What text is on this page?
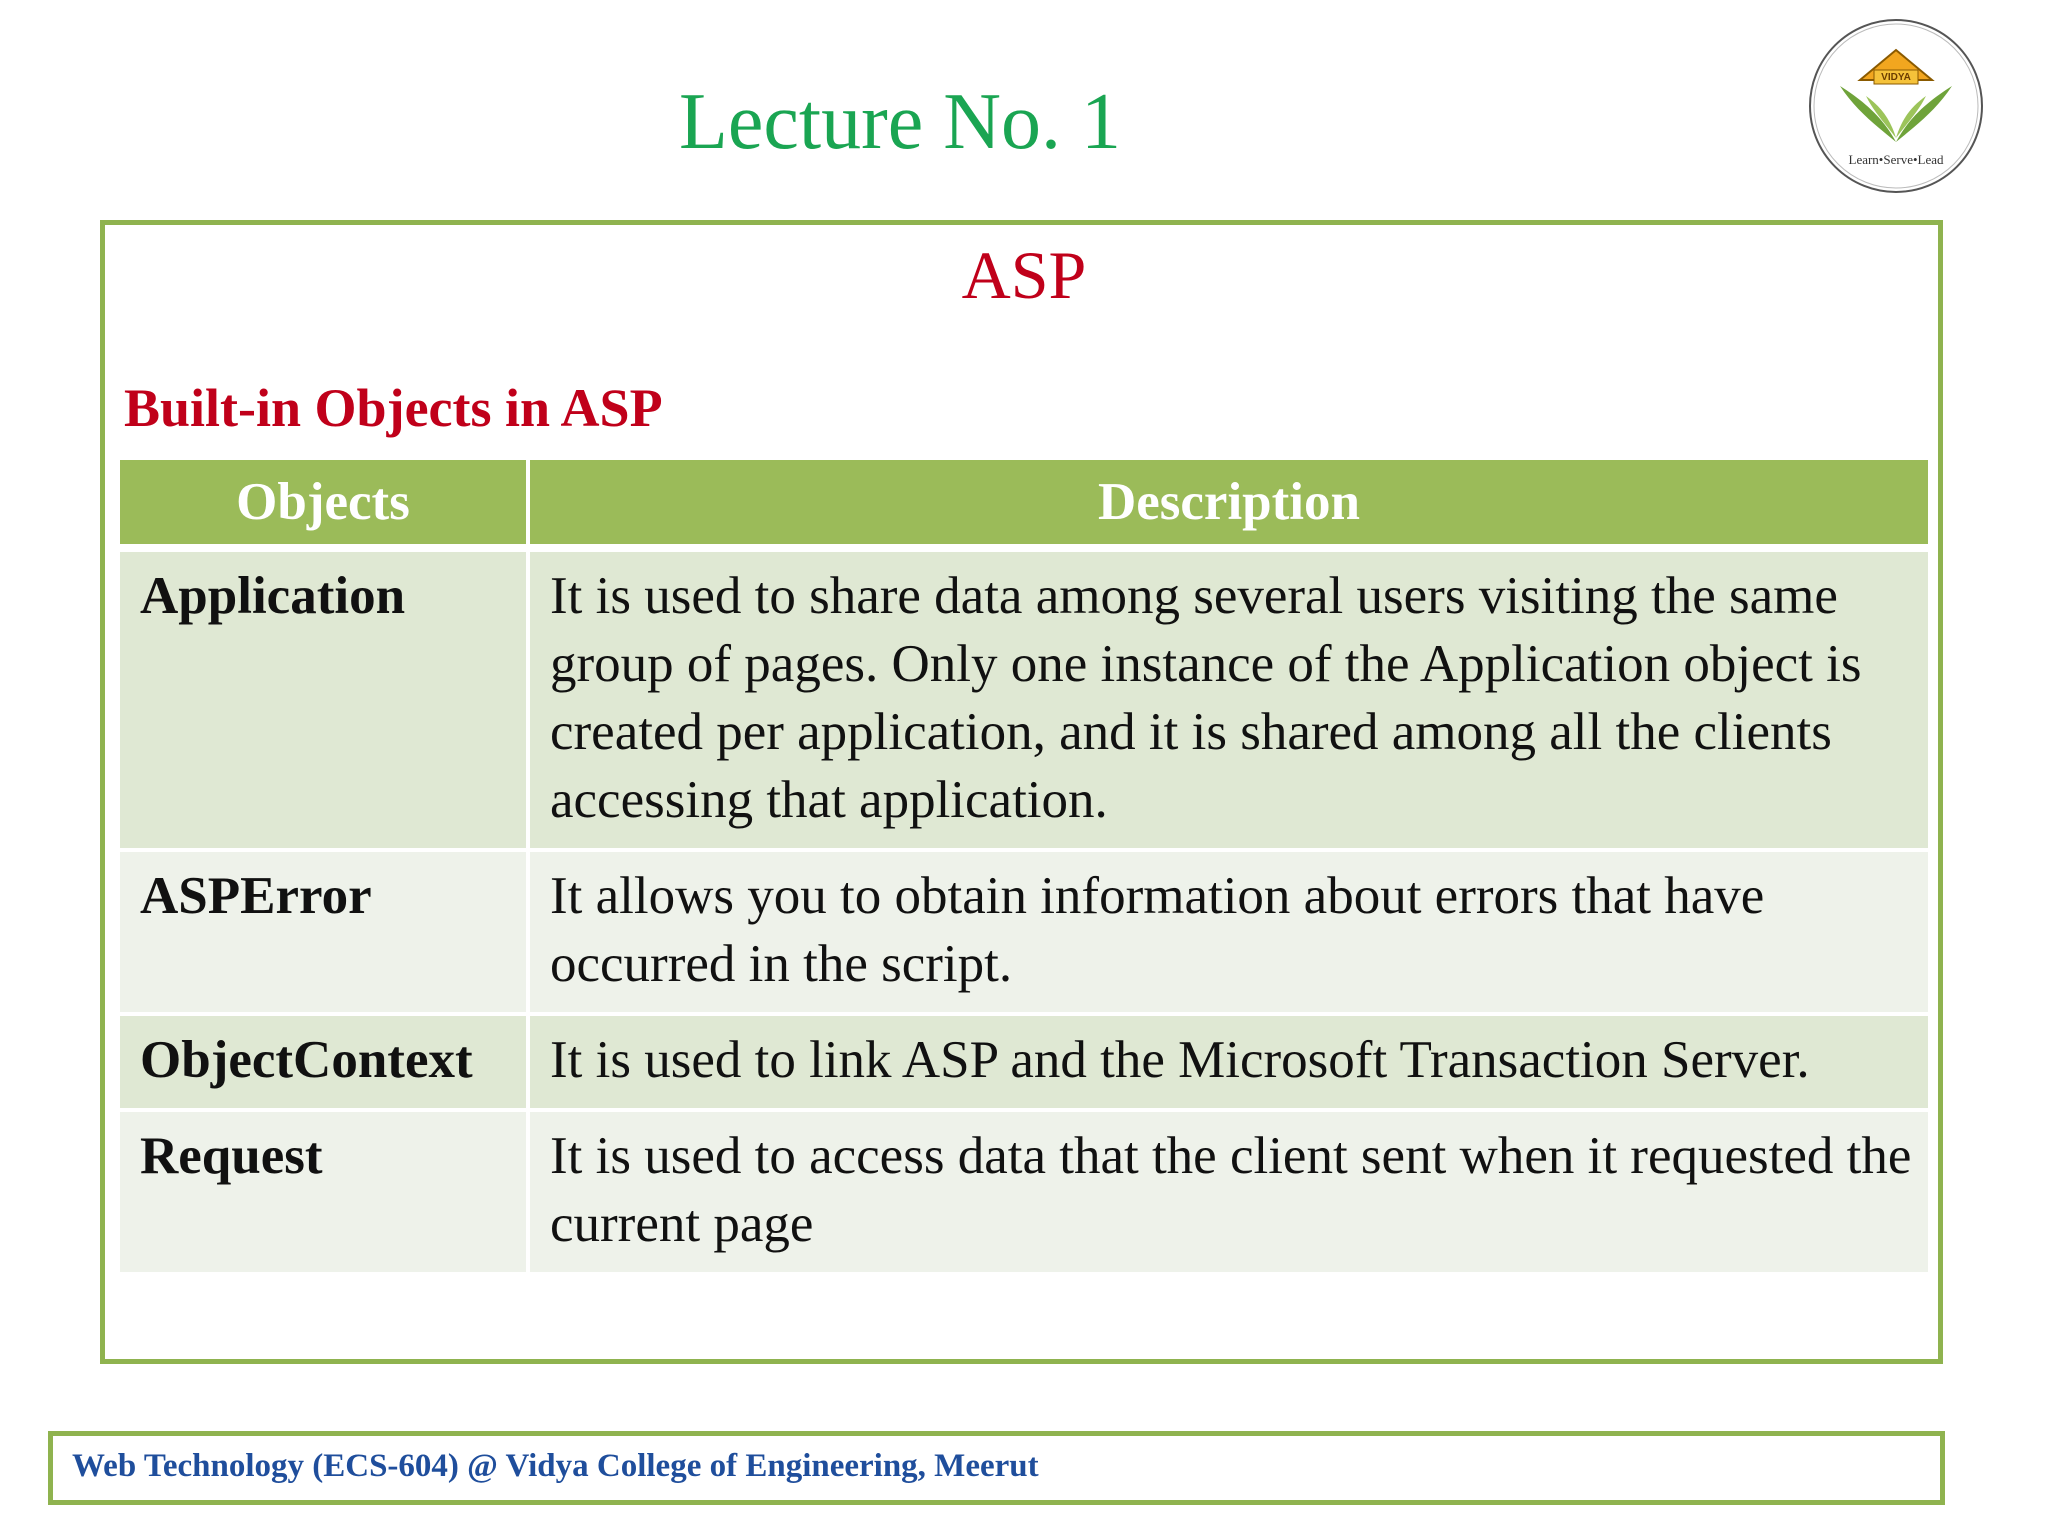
Lecture No. 1
VIDYA
Learn•Serve•Lead
ASP
Built-in Objects in ASP
Objects	Description
Application	It is used to share data among several users visiting the same group of pages. Only one instance of the Application object is created per application, and it is shared among all the clients accessing that application.
ASPError	It allows you to obtain information about errors that have occurred in the script.
ObjectContext	It is used to link ASP and the Microsoft Transaction Server.
Request	It is used to access data that the client sent when it requested the current page
Web Technology (ECS-604) @ Vidya College of Engineering, Meerut
